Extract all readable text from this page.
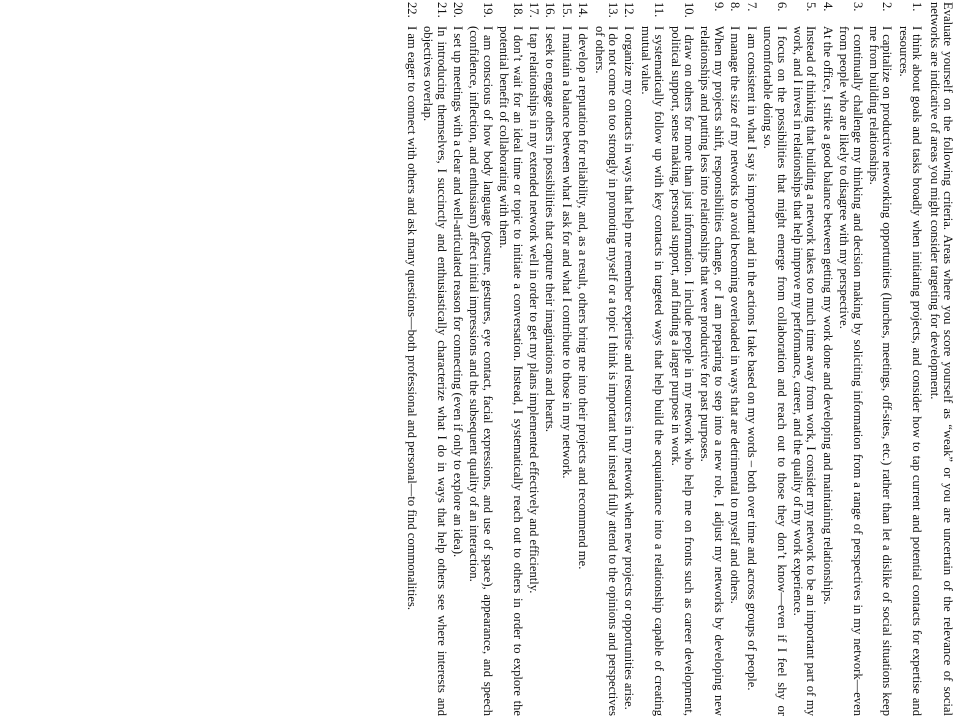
Evaluate yourself on the following criteria. Areas where you score yourself as “weak” or you are uncertain of the relevance of social networks are indicative of areas you might consider targeting for development.

1.
I think about goals and tasks broadly when initiating projects, and consider how to tap current and potential contacts for expertise and resources.
2.
I capitalize on productive networking opportunities (lunches, meetings, off-sites, etc.) rather than let a dislike of social situations keep me from building relationships.
3.
I continually challenge my thinking and decision making by soliciting information from a range of perspectives in my network—even from people who are likely to disagree with my perspective.
4.
At the office, I strike a good balance between getting my work done and developing and maintaining relationships.
5.
Instead of thinking that building a network takes too much time away from work, I consider my network to be an important part of my work, and I invest in relationships that help improve my performance, career, and the quality of my work experience.
6.
I focus on the possibilities that might emerge from collaboration and reach out to those they don’t know—even if I feel shy or uncomfortable doing so.
7.
I am consistent in what I say is important and in the actions I take based on my words – both over time and across groups of people.
8.
I manage the size of my networks to avoid becoming overloaded in ways that are detrimental to myself and others.
9.
When my projects shift, responsibilities change, or I am preparing to step into a new role, I adjust my networks by developing new relationships and putting less into relationships that were productive for past purposes.
10.
I draw on others for more than just information. I include people in my network who help me on fronts such as career development, political support, sense making, personal support, and finding a larger purpose in work.
11.
I systematically follow up with key contacts in targeted ways that help build the acquaintance into a relationship capable of creating mutual value.
12.
I organize my contacts in ways that help me remember expertise and resources in my network when new projects or opportunities arise.
13.
I do not come on too strongly in promoting myself or a topic I think is important but instead fully attend to the opinions and perspectives of others.
14.
I develop a reputation for reliability, and, as a result, others bring me into their projects and recommend me.
15.
I maintain a balance between what I ask for and what I contribute to those in my network.
16.
I seek to engage others in possibilities that capture their imaginations and hearts.
17.
I tap relationships in my extended network well in order to get my plans implemented effectively and efficiently.
18.
I don’t wait for an ideal time or topic to initiate a conversation. Instead, I systematically reach out to others in order to explore the potential benefit of collaborating with them.
19.
I am conscious of how body language (posture, gestures, eye contact, facial expressions, and use of space), appearance, and speech (confidence, inflection, and enthusiasm) affect initial impressions and the subsequent quality of an interaction.
20.
I set up meetings with a clear and well-articulated reason for connecting (even if only to explore an idea).
21.
In introducing themselves, I succinctly and enthusiastically characterize what I do in ways that help others see where interests and objectives overlap.
22.
I am eager to connect with others and ask many questions—both professional and personal—to find commonalities.
